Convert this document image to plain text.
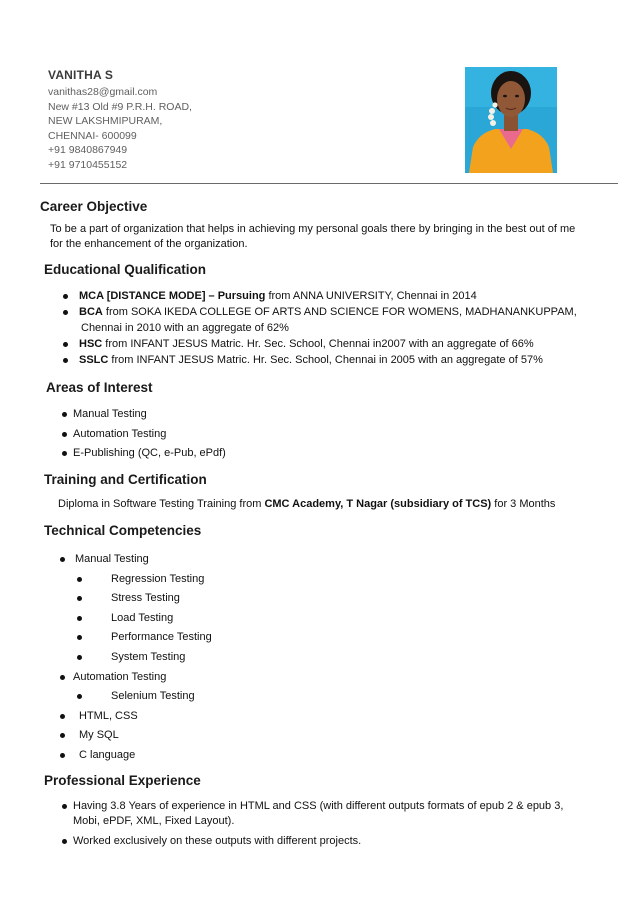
VANITHA S
vanithas28@gmail.com
New #13 Old #9 P.R.H. ROAD,
NEW LAKSHMIPURAM,
CHENNAI- 600099
+91 9840867949
+91 9710455152
Career Objective
To be a part of organization that helps in achieving my personal goals there by bringing in the best out of me
for the enhancement of the organization.
Educational Qualification
MCA [DISTANCE MODE] – Pursuing from ANNA UNIVERSITY, Chennai in 2014
BCA from SOKA IKEDA COLLEGE OF ARTS AND SCIENCE FOR WOMENS, MADHANANKUPPAM,
Chennai in 2010 with an aggregate of 62%
HSC from INFANT JESUS Matric. Hr. Sec. School, Chennai in2007 with an aggregate of 66%
SSLC from INFANT JESUS Matric. Hr. Sec. School, Chennai in 2005 with an aggregate of 57%
Areas of Interest
Manual Testing
Automation Testing
E-Publishing (QC, e-Pub, ePdf)
Training and Certification
Diploma in Software Testing Training from CMC Academy, T Nagar (subsidiary of TCS) for 3 Months
Technical Competencies
Manual Testing
Regression Testing
Stress Testing
Load Testing
Performance Testing
System Testing
Automation Testing
Selenium Testing
HTML, CSS
My SQL
C language
Professional Experience
Having 3.8 Years of experience in HTML and CSS (with different outputs formats of epub 2 & epub 3,
Mobi, ePDF, XML, Fixed Layout).
Worked exclusively on these outputs with different projects.
